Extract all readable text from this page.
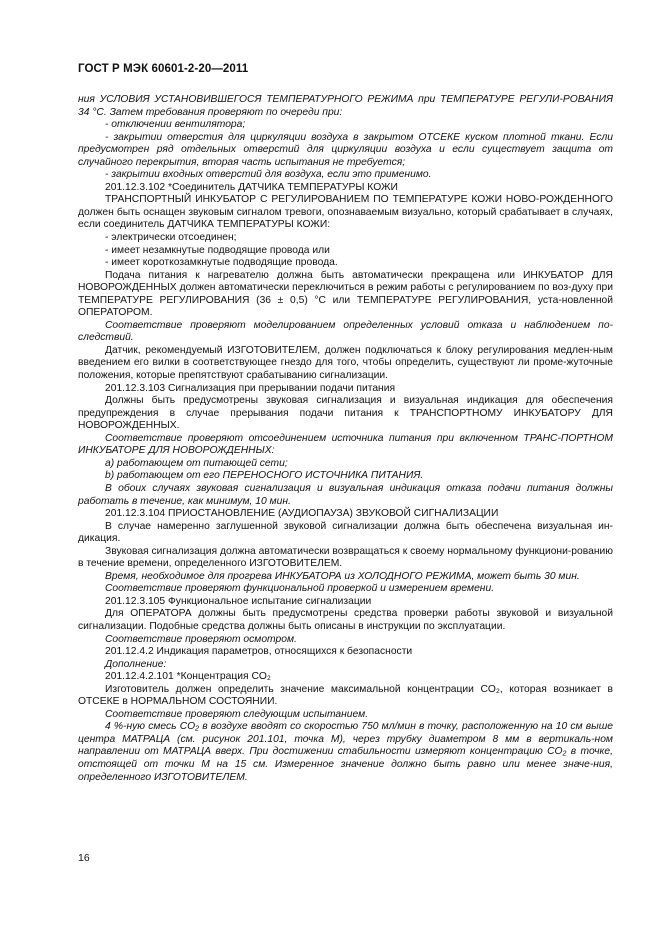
ГОСТ Р МЭК 60601-2-20—2011

ния УСЛОВИЯ УСТАНОВИВШЕГОСЯ ТЕМПЕРАТУРНОГО РЕЖИМА при ТЕМПЕРАТУРЕ РЕГУЛИ-РОВАНИЯ 34 °С. Затем требования проверяют по очереди при:

- отключении вентилятора;

- закрытии отверстия для циркуляции воздуха в закрытом ОТСЕКЕ куском плотной ткани. Если предусмотрен ряд отдельных отверстий для циркуляции воздуха и если существует защита от случайного перекрытия, вторая часть испытания не требуется;

- закрытии входных отверстий для воздуха, если это применимо.

201.12.3.102 *Соединитель ДАТЧИКА ТЕМПЕРАТУРЫ КОЖИ

ТРАНСПОРТНЫЙ ИНКУБАТОР С РЕГУЛИРОВАНИЕМ ПО ТЕМПЕРАТУРЕ КОЖИ НОВО-РОЖДЕННОГО должен быть оснащен звуковым сигналом тревоги, опознаваемым визуально, который срабатывает в случаях, если соединитель ДАТЧИКА ТЕМПЕРАТУРЫ КОЖИ:

- электрически отсоединен;

- имеет незамкнутые подводящие провода или

- имеет короткозамкнутые подводящие провода.

Подача питания к нагревателю должна быть автоматически прекращена или ИНКУБАТОР ДЛЯ НОВОРОЖДЕННЫХ должен автоматически переключиться в режим работы с регулированием по воз-духу при ТЕМПЕРАТУРЕ РЕГУЛИРОВАНИЯ (36 ± 0,5) °С или ТЕМПЕРАТУРЕ РЕГУЛИРОВАНИЯ, уста-новленной ОПЕРАТОРОМ.

Соответствие проверяют моделированием определенных условий отказа и наблюдением по-следствий.

Датчик, рекомендуемый ИЗГОТОВИТЕЛЕМ, должен подключаться к блоку регулирования медлен-ным введением его вилки в соответствующее гнездо для того, чтобы определить, существуют ли проме-жуточные положения, которые препятствуют срабатыванию сигнализации.

201.12.3.103 Сигнализация при прерывании подачи питания

Должны быть предусмотрены звуковая сигнализация и визуальная индикация для обеспечения предупреждения в случае прерывания подачи питания к ТРАНСПОРТНОМУ ИНКУБАТОРУ ДЛЯ НОВОРОЖДЕННЫХ.

Соответствие проверяют отсоединением источника питания при включенном ТРАНС-ПОРТНОМ ИНКУБАТОРЕ ДЛЯ НОВОРОЖДЕННЫХ:

a) работающем от питающей сети;

b) работающем от его ПЕРЕНОСНОГО ИСТОЧНИКА ПИТАНИЯ.

В обоих случаях звуковая сигнализация и визуальная индикация отказа подачи питания должны работать в течение, как минимум, 10 мин.

201.12.3.104 ПРИОСТАНОВЛЕНИЕ (АУДИОПАУЗА) ЗВУКОВОЙ СИГНАЛИЗАЦИИ

В случае намеренно заглушенной звуковой сигнализации должна быть обеспечена визуальная ин-дикация.

Звуковая сигнализация должна автоматически возвращаться к своему нормальному функциони-рованию в течение времени, определенного ИЗГОТОВИТЕЛЕМ.

Время, необходимое для прогрева ИНКУБАТОРА из ХОЛОДНОГО РЕЖИМА, может быть 30 мин.

Соответствие проверяют функциональной проверкой и измерением времени.

201.12.3.105 Функциональное испытание сигнализации

Для ОПЕРАТОРА должны быть предусмотрены средства проверки работы звуковой и визуальной сигнализации. Подобные средства должны быть описаны в инструкции по эксплуатации.

Соответствие проверяют осмотром.

201.12.4.2 Индикация параметров, относящихся к безопасности

Дополнение:

201.12.4.2.101 *Концентрация CO₂

Изготовитель должен определить значение максимальной концентрации CO₂, которая возникает в ОТСЕКЕ в НОРМАЛЬНОМ СОСТОЯНИИ.

Соответствие проверяют следующим испытанием.

4 %-ную смесь CO₂ в воздухе вводят со скоростью 750 мл/мин в точку, расположенную на 10 см выше центра МАТРАЦА (см. рисунок 201.101, точка М), через трубку диаметром 8 мм в вертикаль-ном направлении от МАТРАЦА вверх. При достижении стабильности измеряют концентрацию CO₂ в точке, отстоящей от точки М на 15 см. Измеренное значение должно быть равно или менее значе-ния, определенного ИЗГОТОВИТЕЛЕМ.

16
